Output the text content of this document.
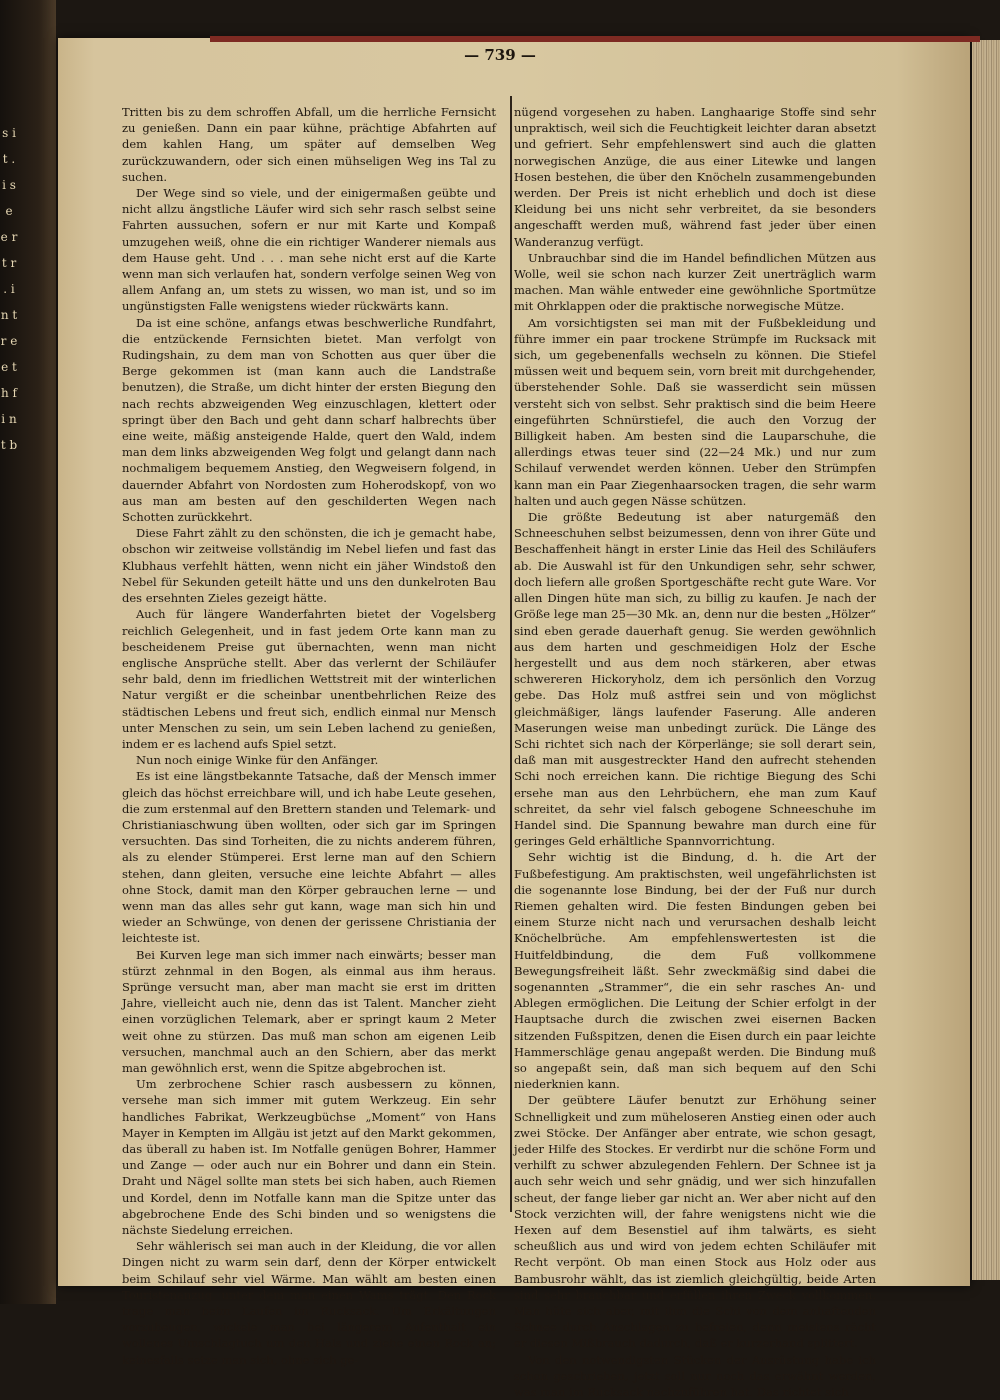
s i t . i s e e r t r . i n t r e e t h f i n t b
— 739 —

Tritten bis zu dem schroffen Abfall, um die herrliche Fernsicht zu genießen. Dann ein paar kühne, prächtige Abfahrten auf dem kahlen Hang, um später auf demselben Weg zurückzuwandern, oder sich einen mühseligen Weg ins Tal zu suchen.

Der Wege sind so viele, und der einigermaßen geübte und nicht allzu ängstliche Läufer wird sich sehr rasch selbst seine Fahrten aussuchen, sofern er nur mit Karte und Kompaß umzugehen weiß, ohne die ein richtiger Wanderer niemals aus dem Hause geht. Und . . . man sehe nicht erst auf die Karte wenn man sich verlaufen hat, sondern verfolge seinen Weg von allem Anfang an, um stets zu wissen, wo man ist, und so im ungünstigsten Falle wenigstens wieder rückwärts kann.

Da ist eine schöne, anfangs etwas beschwerliche Rundfahrt, die entzückende Fernsichten bietet. Man verfolgt von Rudingshain, zu dem man von Schotten aus quer über die Berge gekommen ist (man kann auch die Landstraße benutzen), die Straße, um dicht hinter der ersten Biegung den nach rechts abzweigenden Weg einzuschlagen, klettert oder springt über den Bach und geht dann scharf halbrechts über eine weite, mäßig ansteigende Halde, quert den Wald, indem man dem links abzweigenden Weg folgt und gelangt dann nach nochmaligem bequemem Anstieg, den Wegweisern folgend, in dauernder Abfahrt von Nordosten zum Hoherodskopf, von wo aus man am besten auf den geschilderten Wegen nach Schotten zurückkehrt.

Diese Fahrt zählt zu den schönsten, die ich je gemacht habe, obschon wir zeitweise vollständig im Nebel liefen und fast das Klubhaus verfehlt hätten, wenn nicht ein jäher Windstoß den Nebel für Sekunden geteilt hätte und uns den dunkelroten Bau des ersehnten Zieles gezeigt hätte.

Auch für längere Wanderfahrten bietet der Vogelsberg reichlich Gelegenheit, und in fast jedem Orte kann man zu bescheidenem Preise gut übernachten, wenn man nicht englische Ansprüche stellt. Aber das verlernt der Schiläufer sehr bald, denn im friedlichen Wettstreit mit der winterlichen Natur vergißt er die scheinbar unentbehrlichen Reize des städtischen Lebens und freut sich, endlich einmal nur Mensch unter Menschen zu sein, um sein Leben lachend zu genießen, indem er es lachend aufs Spiel setzt.

Nun noch einige Winke für den Anfänger.

Es ist eine längstbekannte Tatsache, daß der Mensch immer gleich das höchst erreichbare will, und ich habe Leute gesehen, die zum erstenmal auf den Brettern standen und Telemark- und Christianiaschwung üben wollten, oder sich gar im Springen versuchten. Das sind Torheiten, die zu nichts anderem führen, als zu elender Stümperei. Erst lerne man auf den Schiern stehen, dann gleiten, versuche eine leichte Abfahrt — alles ohne Stock, damit man den Körper gebrauchen lerne — und wenn man das alles sehr gut kann, wage man sich hin und wieder an Schwünge, von denen der gerissene Christiania der leichteste ist.

Bei Kurven lege man sich immer nach einwärts; besser man stürzt zehnmal in den Bogen, als einmal aus ihm heraus. Sprünge versucht man, aber man macht sie erst im dritten Jahre, vielleicht auch nie, denn das ist Talent. Mancher zieht einen vorzüglichen Telemark, aber er springt kaum 2 Meter weit ohne zu stürzen. Das muß man schon am eigenen Leib versuchen, manchmal auch an den Schiern, aber das merkt man gewöhnlich erst, wenn die Spitze abgebrochen ist.

Um zerbrochene Schier rasch ausbessern zu können, versehe man sich immer mit gutem Werkzeug. Ein sehr handliches Fabrikat, Werkzeugbüchse „Moment“ von Hans Mayer in Kempten im Allgäu ist jetzt auf den Markt gekommen, das überall zu haben ist. Im Notfalle genügen Bohrer, Hammer und Zange — oder auch nur ein Bohrer und dann ein Stein. Draht und Nägel sollte man stets bei sich haben, auch Riemen und Kordel, denn im Notfalle kann man die Spitze unter das abgebrochene Ende des Schi binden und so wenigstens die nächste Siedelung erreichen.

Sehr wählerisch sei man auch in der Kleidung, die vor allen Dingen nicht zu warm sein darf, denn der Körper entwickelt beim Schilauf sehr viel Wärme. Man wählt am besten einen Touristenanzug, unter dem man einen Wams trägt. Den Rock trage man beim Laufen im Rucksack. Um Erkältungen vorzubeugen, wickele man bei längerem Aufenthalt ein wollenes Umschlagtuch um den Hals und ziehe einen Rock an; keinesfalls setze man sich, ohne sich ge-

nügend vorgesehen zu haben. Langhaarige Stoffe sind sehr unpraktisch, weil sich die Feuchtigkeit leichter daran absetzt und gefriert. Sehr empfehlenswert sind auch die glatten norwegischen Anzüge, die aus einer Litewke und langen Hosen bestehen, die über den Knöcheln zusammengebunden werden. Der Preis ist nicht erheblich und doch ist diese Kleidung bei uns nicht sehr verbreitet, da sie besonders angeschafft werden muß, während fast jeder über einen Wanderanzug verfügt.

Unbrauchbar sind die im Handel befindlichen Mützen aus Wolle, weil sie schon nach kurzer Zeit unerträglich warm machen. Man wähle entweder eine gewöhnliche Sportmütze mit Ohrklappen oder die praktische norwegische Mütze.

Am vorsichtigsten sei man mit der Fußbekleidung und führe immer ein paar trockene Strümpfe im Rucksack mit sich, um gegebenenfalls wechseln zu können. Die Stiefel müssen weit und bequem sein, vorn breit mit durchgehender, überstehender Sohle. Daß sie wasserdicht sein müssen versteht sich von selbst. Sehr praktisch sind die beim Heere eingeführten Schnürstiefel, die auch den Vorzug der Billigkeit haben. Am besten sind die Lauparschuhe, die allerdings etwas teuer sind (22—24 Mk.) und nur zum Schilauf verwendet werden können. Ueber den Strümpfen kann man ein Paar Ziegenhaarsocken tragen, die sehr warm halten und auch gegen Nässe schützen.

Die größte Bedeutung ist aber naturgemäß den Schneeschuhen selbst beizumessen, denn von ihrer Güte und Beschaffenheit hängt in erster Linie das Heil des Schiläufers ab. Die Auswahl ist für den Unkundigen sehr, sehr schwer, doch liefern alle großen Sportgeschäfte recht gute Ware. Vor allen Dingen hüte man sich, zu billig zu kaufen. Je nach der Größe lege man 25—30 Mk. an, denn nur die besten „Hölzer“ sind eben gerade dauerhaft genug. Sie werden gewöhnlich aus dem harten und geschmeidigen Holz der Esche hergestellt und aus dem noch stärkeren, aber etwas schwereren Hickoryholz, dem ich persönlich den Vorzug gebe. Das Holz muß astfrei sein und von möglichst gleichmäßiger, längs laufender Faserung. Alle anderen Maserungen weise man unbedingt zurück. Die Länge des Schi richtet sich nach der Körperlänge; sie soll derart sein, daß man mit ausgestreckter Hand den aufrecht stehenden Schi noch erreichen kann. Die richtige Biegung des Schi ersehe man aus den Lehrbüchern, ehe man zum Kauf schreitet, da sehr viel falsch gebogene Schneeschuhe im Handel sind. Die Spannung bewahre man durch eine für geringes Geld erhältliche Spannvorrichtung.

Sehr wichtig ist die Bindung, d. h. die Art der Fußbefestigung. Am praktischsten, weil ungefährlichsten ist die sogenannte lose Bindung, bei der der Fuß nur durch Riemen gehalten wird. Die festen Bindungen geben bei einem Sturze nicht nach und verursachen deshalb leicht Knöchelbrüche. Am empfehlenswertesten ist die Huitfeldbindung, die dem Fuß vollkommene Bewegungsfreiheit läßt. Sehr zweckmäßig sind dabei die sogenannten „Strammer“, die ein sehr rasches An- und Ablegen ermöglichen. Die Leitung der Schier erfolgt in der Hauptsache durch die zwischen zwei eisernen Backen sitzenden Fußspitzen, denen die Eisen durch ein paar leichte Hammerschläge genau angepaßt werden. Die Bindung muß so angepaßt sein, daß man sich bequem auf den Schi niederknien kann.

Der geübtere Läufer benutzt zur Erhöhung seiner Schnelligkeit und zum müheloseren Anstieg einen oder auch zwei Stöcke. Der Anfänger aber entrate, wie schon gesagt, jeder Hilfe des Stockes. Er verdirbt nur die schöne Form und verhilft zu schwer abzulegenden Fehlern. Der Schnee ist ja auch sehr weich und sehr gnädig, und wer sich hinzufallen scheut, der fange lieber gar nicht an. Wer aber nicht auf den Stock verzichten will, der fahre wenigstens nicht wie die Hexen auf dem Besenstiel auf ihm talwärts, es sieht scheußlich aus und wird von jedem echten Schiläufer mit Recht verpönt. Ob man einen Stock aus Holz oder aus Bambusrohr wählt, das ist ziemlich gleichgültig, beide Arten sind sehr brauchbar und erfüllen ihren Zweck vollkommen. Man hüte sich aber, mit ihm die Schi von dem anhaftenden Schnee durch Anschlagen zu befreien, denn meistens rächt er diesen Mißbrauch dadurch, daß er kurzerhand splittert.

Von den notwendigsten Stücken der Ausrüstung habe ich schon geschrieben, jetzt soll nur noch das erwähnt werden, was man im Rucksack nachzuführen hat. Das richtet sich
